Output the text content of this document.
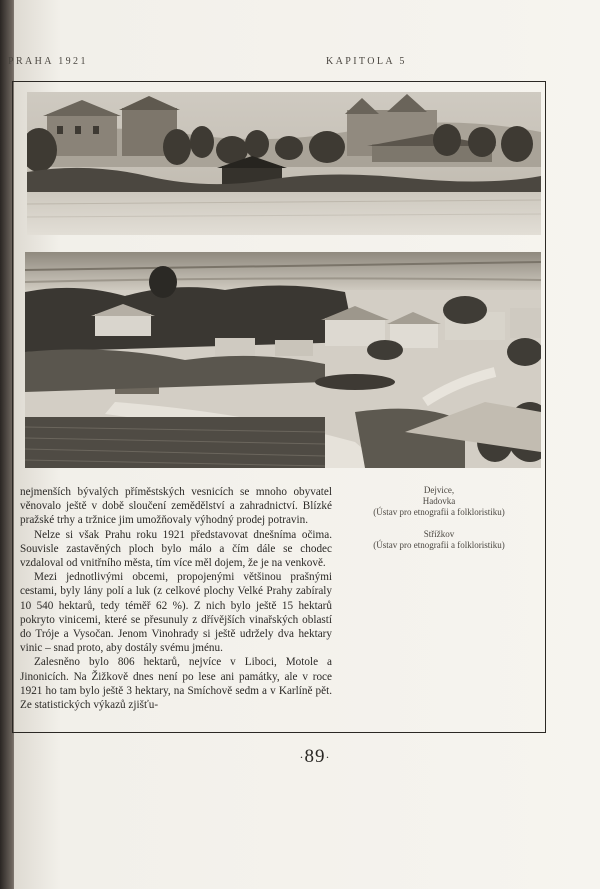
PRAHA 1921	KAPITOLA 5

nejmenších bývalých příměstských vesnicích se mnoho obyvatel věnovalo ještě v době sloučení zemědělství a zahradnictví. Blízké pražské trhy a tržnice jim umožňovaly výhodný prodej potravin.

Nelze si však Prahu roku 1921 představovat dnešníma očima. Souvisle zastavěných ploch bylo málo a čím dále se chodec vzdaloval od vnitřního města, tím více měl dojem, že je na venkově.

Mezi jednotlivými obcemi, propojenými většinou prašnými cestami, byly lány polí a luk (z celkové plochy Velké Prahy zabíraly 10 540 hektarů, tedy téměř 62 %). Z nich bylo ještě 15 hektarů pokryto vinicemi, které se přesunuly z dřívějších vinařských oblastí do Tróje a Vysočan. Jenom Vinohrady si ještě udržely dva hektary vinic – snad proto, aby dostály svému jménu.

Zalesněno bylo 806 hektarů, nejvíce v Liboci, Motole a Jinonicích. Na Žižkově dnes není po lese ani památky, ale v roce 1921 ho tam bylo ještě 3 hektary, na Smíchově sedm a v Karlíně pět. Ze statistických výkazů zjišťu-

Dejvice,
Hadovka
(Ústav pro etnografii a folkloristiku)
Střížkov
(Ústav pro etnografii a folkloristiku)
·89·
